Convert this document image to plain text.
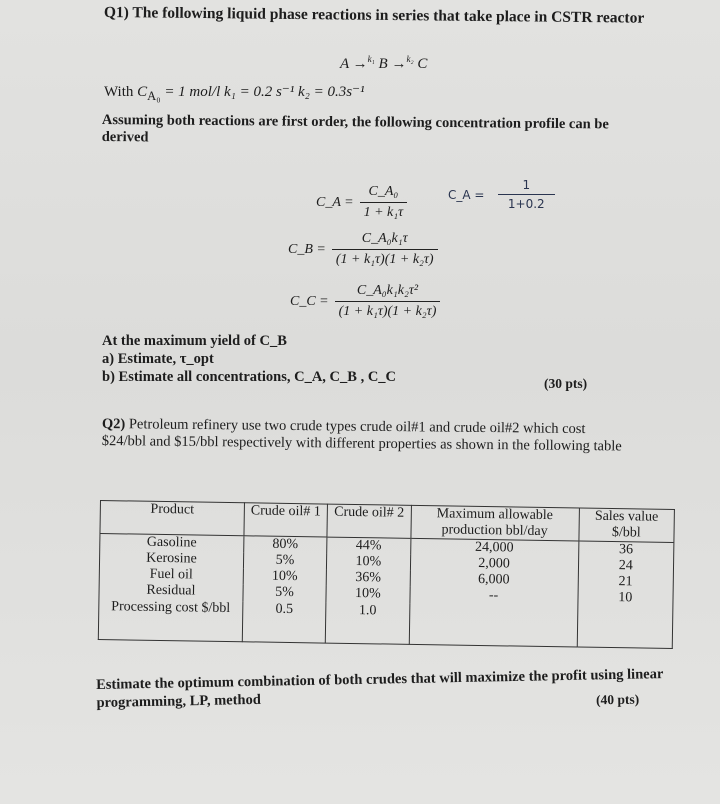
Q1) The following liquid phase reactions in series that take place in CSTR reactor
A →$^{k_1}$ B →$^{k_2}$ C
With $C_{A_0} = 1$ mol/l k₁ = 0.2 s⁻¹ k₂ = 0.3s⁻¹
Assuming both reactions are first order, the following concentration profile can be derived
C_A = $\frac{\text{C\_A₀}}{\text{1 + k₁τ}}$	C_A = $\frac{1}{1+0.2}$
C_B = $\frac{\text{C\_A₀k₁τ}}{\text{(1 + k₁τ)(1 + k₂τ)}}$
C_C = $\frac{\text{C\_A₀k₁k₂τ²}}{\text{(1 + k₁τ)(1 + k₂τ)}}$
At the maximum yield of C_B
a) Estimate, τ_opt
b) Estimate all concentrations, C_A, C_B , C_C	(30 pts)
Q2) Petroleum refinery use two crude types crude oil#1 and crude oil#2 which cost $24/bbl and $15/bbl respectively with different properties as shown in the following table
Product	Crude oil# 1	Crude oil# 2	Maximum allowable production bbl/day	Sales value $/bbl
Gasoline	80%	44%	24,000	36
Kerosine	5%	10%	2,000	24
Fuel oil	10%	36%	6,000	21
Residual	5%	10%	--	10
Processing cost $/bbl	0.5	1.0		
Estimate the optimum combination of both crudes that will maximize the profit using linear programming, LP, method	(40 pts)
